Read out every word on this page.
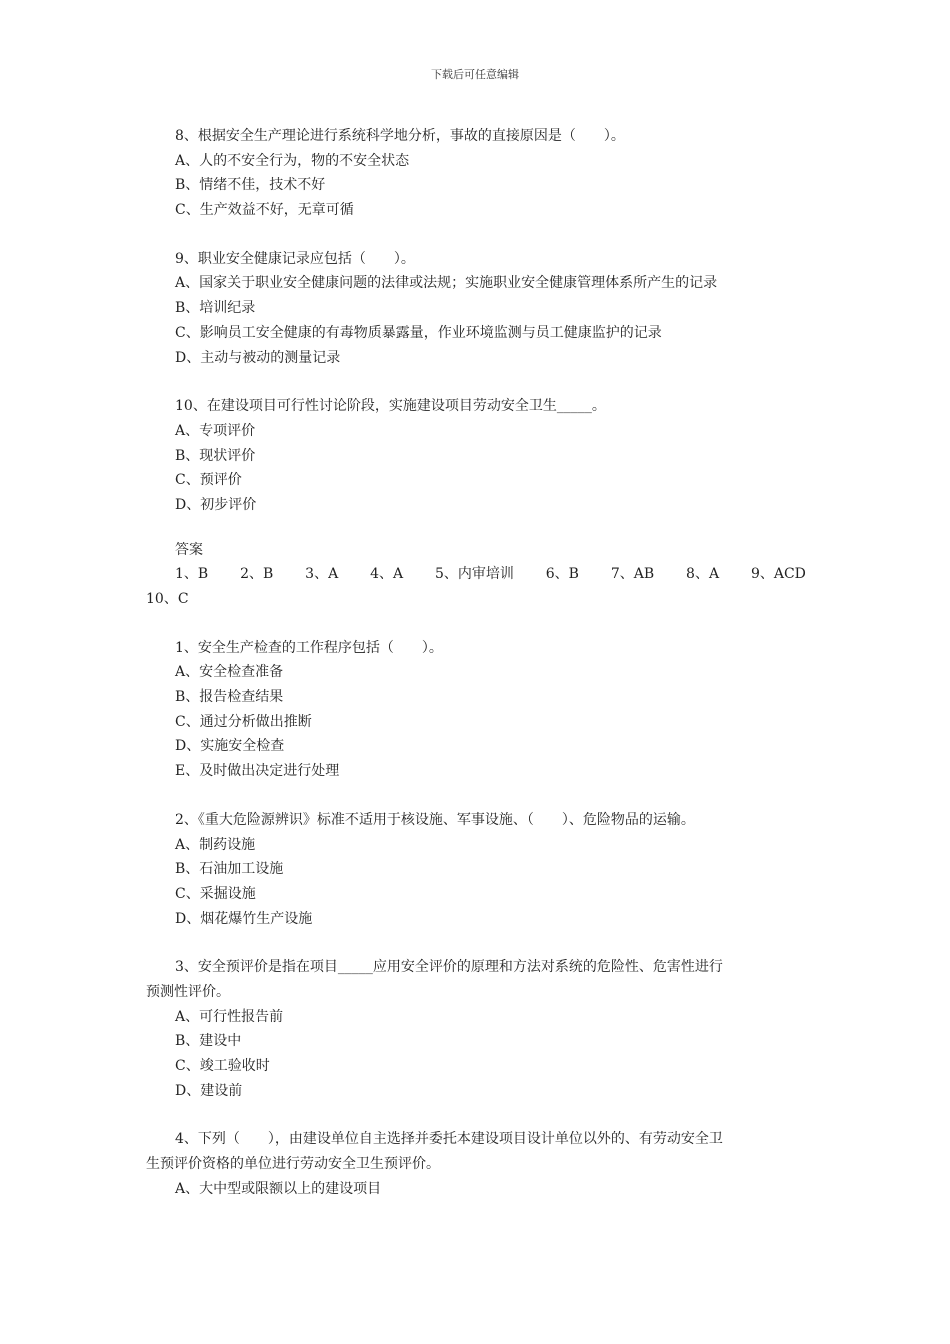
下载后可任意编辑
8、根据安全生产理论进行系统科学地分析，事故的直接原因是（　　）。
A、人的不安全行为，物的不安全状态
B、情绪不佳，技术不好
C、生产效益不好，无章可循
9、职业安全健康记录应包括（　　）。
A、国家关于职业安全健康问题的法律或法规；实施职业安全健康管理体系所产生的记录
B、培训纪录
C、影响员工安全健康的有毒物质暴露量，作业环境监测与员工健康监护的记录
D、主动与被动的测量记录
10、在建设项目可行性讨论阶段，实施建设项目劳动安全卫生_____。
A、专项评价
B、现状评价
C、预评价
D、初步评价
答案
1、B 2、B 3、A 4、A 5、内审培训 6、B 7、AB 8、A 9、ACD
10、C
1、安全生产检查的工作程序包括（　　）。
A、安全检查准备
B、报告检查结果
C、通过分析做出推断
D、实施安全检查
E、及时做出决定进行处理
2、《重大危险源辨识》标准不适用于核设施、军事设施、（　　）、危险物品的运输。
A、制药设施
B、石油加工设施
C、采掘设施
D、烟花爆竹生产设施
3、安全预评价是指在项目_____应用安全评价的原理和方法对系统的危险性、危害性进行
预测性评价。
A、可行性报告前
B、建设中
C、竣工验收时
D、建设前
4、下列（　　），由建设单位自主选择并委托本建设项目设计单位以外的、有劳动安全卫
生预评价资格的单位进行劳动安全卫生预评价。
A、大中型或限额以上的建设项目
